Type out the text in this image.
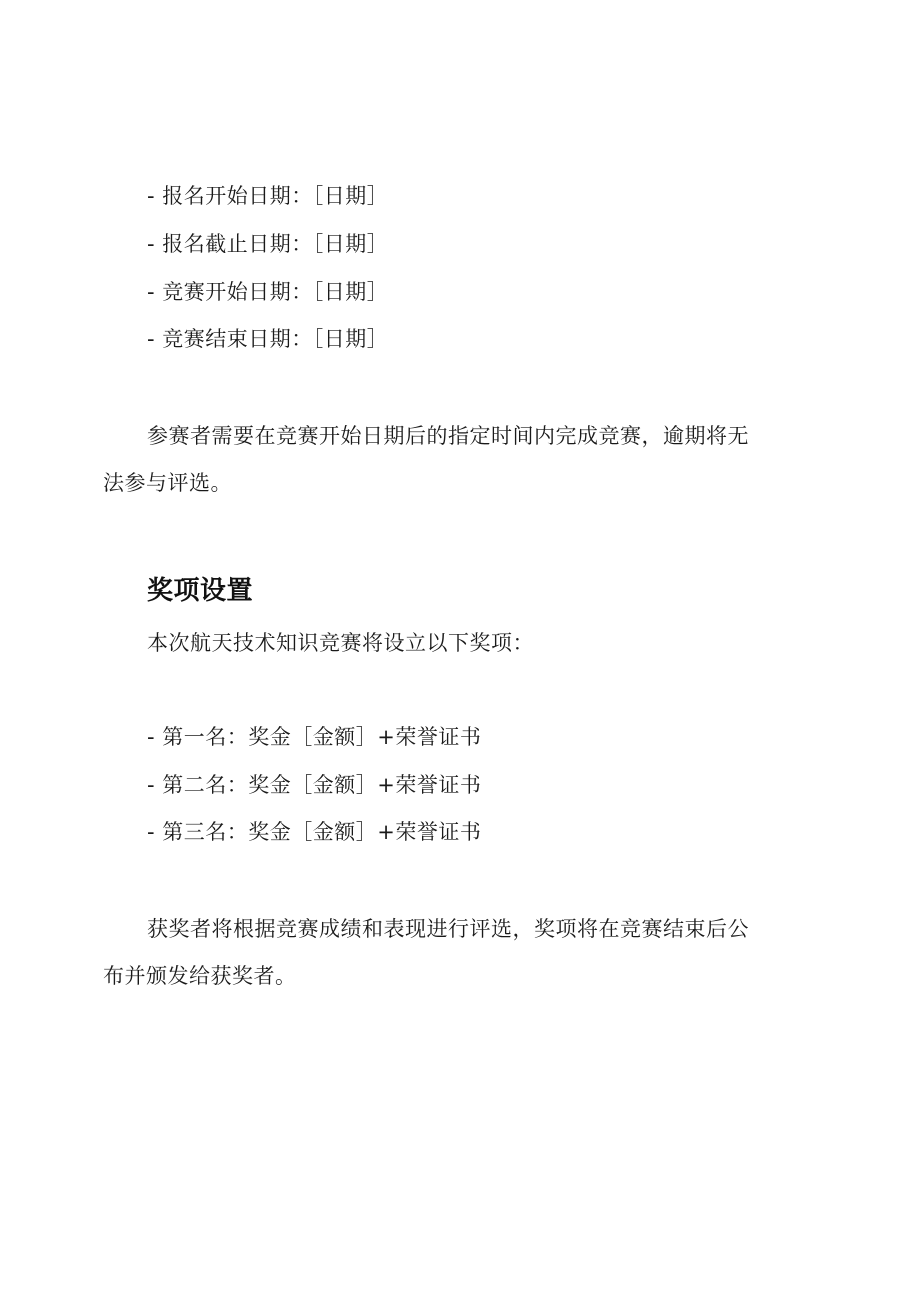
- 报名开始日期：［日期］
- 报名截止日期：［日期］
- 竞赛开始日期：［日期］
- 竞赛结束日期：［日期］
参赛者需要在竞赛开始日期后的指定时间内完成竞赛，逾期将无
法参与评选。
奖项设置
本次航天技术知识竞赛将设立以下奖项：
- 第一名：奖金［金额］+荣誉证书
- 第二名：奖金［金额］+荣誉证书
- 第三名：奖金［金额］+荣誉证书
获奖者将根据竞赛成绩和表现进行评选，奖项将在竞赛结束后公
布并颁发给获奖者。
